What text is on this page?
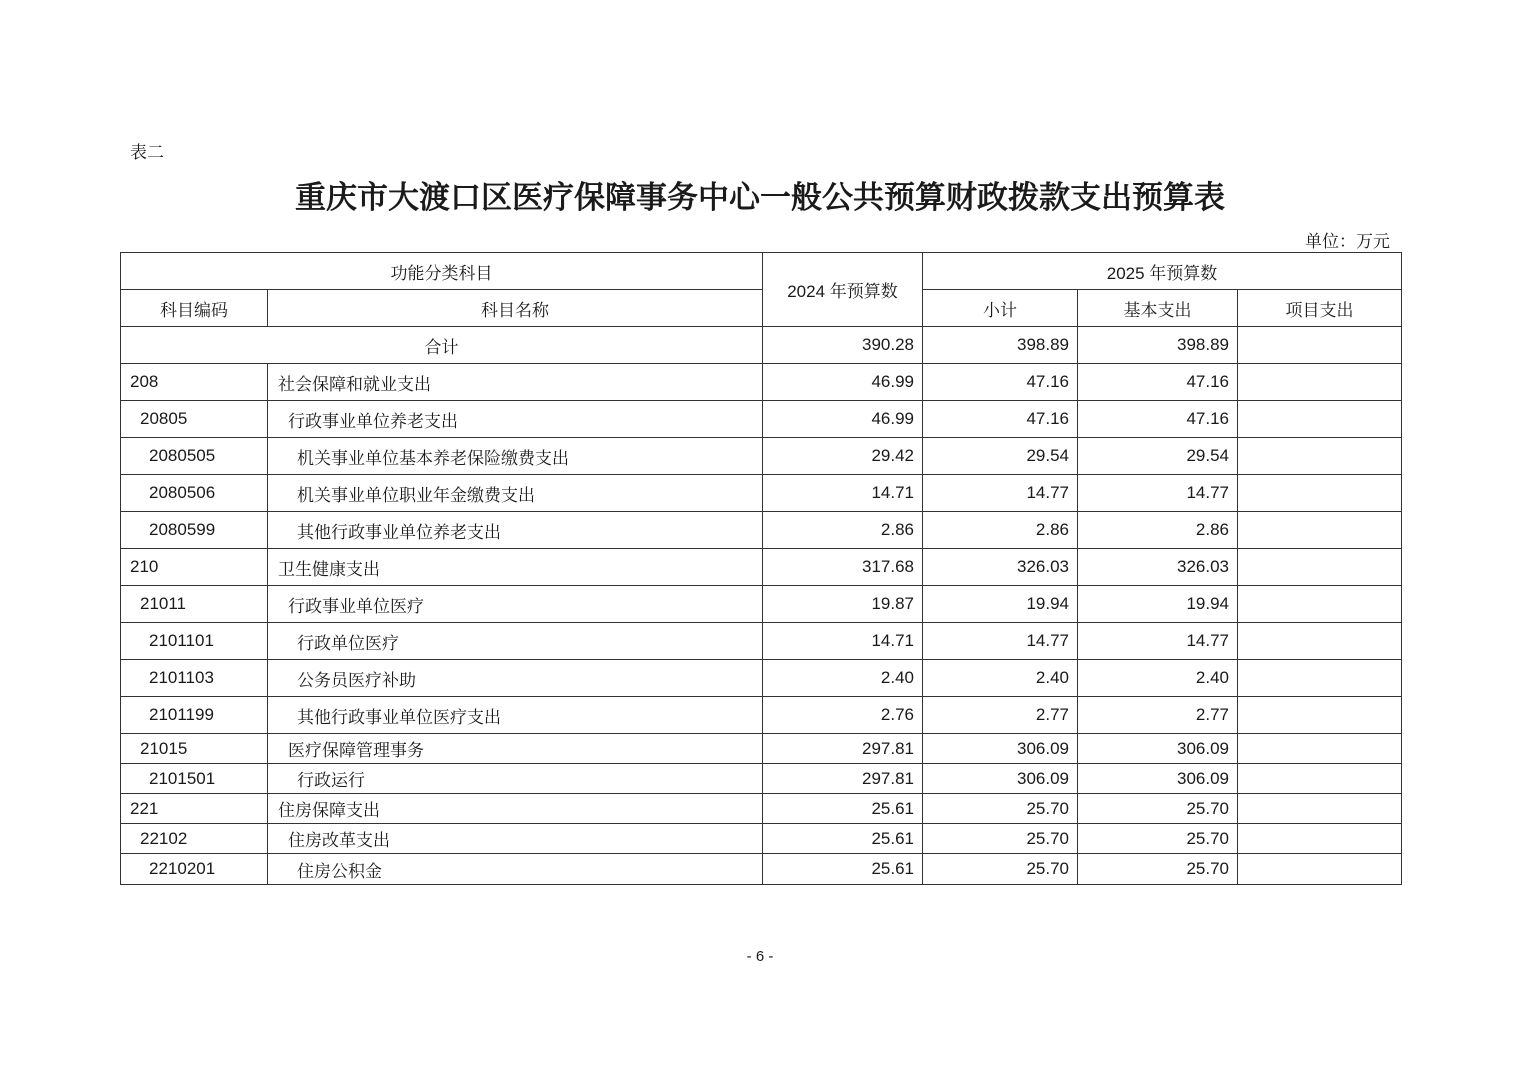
表二
重庆市大渡口区医疗保障事务中心一般公共预算财政拨款支出预算表
单位：万元
功能分类科目		2024 年预算数	2025 年预算数		
科目编码	科目名称		小计	基本支出	项目支出
合计		390.28	398.89	398.89	
208	社会保障和就业支出	46.99	47.16	47.16	
20805	行政事业单位养老支出	46.99	47.16	47.16	
2080505	机关事业单位基本养老保险缴费支出	29.42	29.54	29.54	
2080506	机关事业单位职业年金缴费支出	14.71	14.77	14.77	
2080599	其他行政事业单位养老支出	2.86	2.86	2.86	
210	卫生健康支出	317.68	326.03	326.03	
21011	行政事业单位医疗	19.87	19.94	19.94	
2101101	行政单位医疗	14.71	14.77	14.77	
2101103	公务员医疗补助	2.40	2.40	2.40	
2101199	其他行政事业单位医疗支出	2.76	2.77	2.77	
21015	医疗保障管理事务	297.81	306.09	306.09	
2101501	行政运行	297.81	306.09	306.09	
221	住房保障支出	25.61	25.70	25.70	
22102	住房改革支出	25.61	25.70	25.70	
2210201	住房公积金	25.61	25.70	25.70	
- 6 -
